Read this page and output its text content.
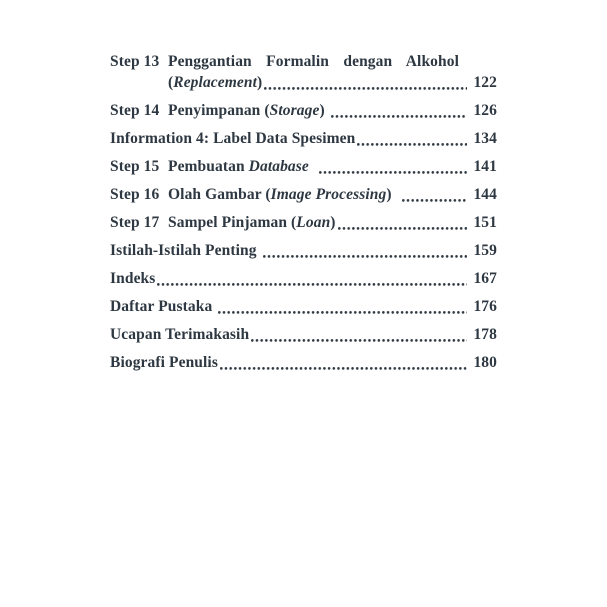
Step 13 Penggantian Formalin dengan Alkohol
(Replacement)	122
Step 14 Penyimpanan (Storage)	126
Information 4: Label Data Spesimen	134
Step 15 Pembuatan Database	141
Step 16 Olah Gambar (Image Processing)	144
Step 17 Sampel Pinjaman (Loan)	151
Istilah-Istilah Penting	159
Indeks	167
Daftar Pustaka	176
Ucapan Terimakasih	178
Biografi Penulis	180
